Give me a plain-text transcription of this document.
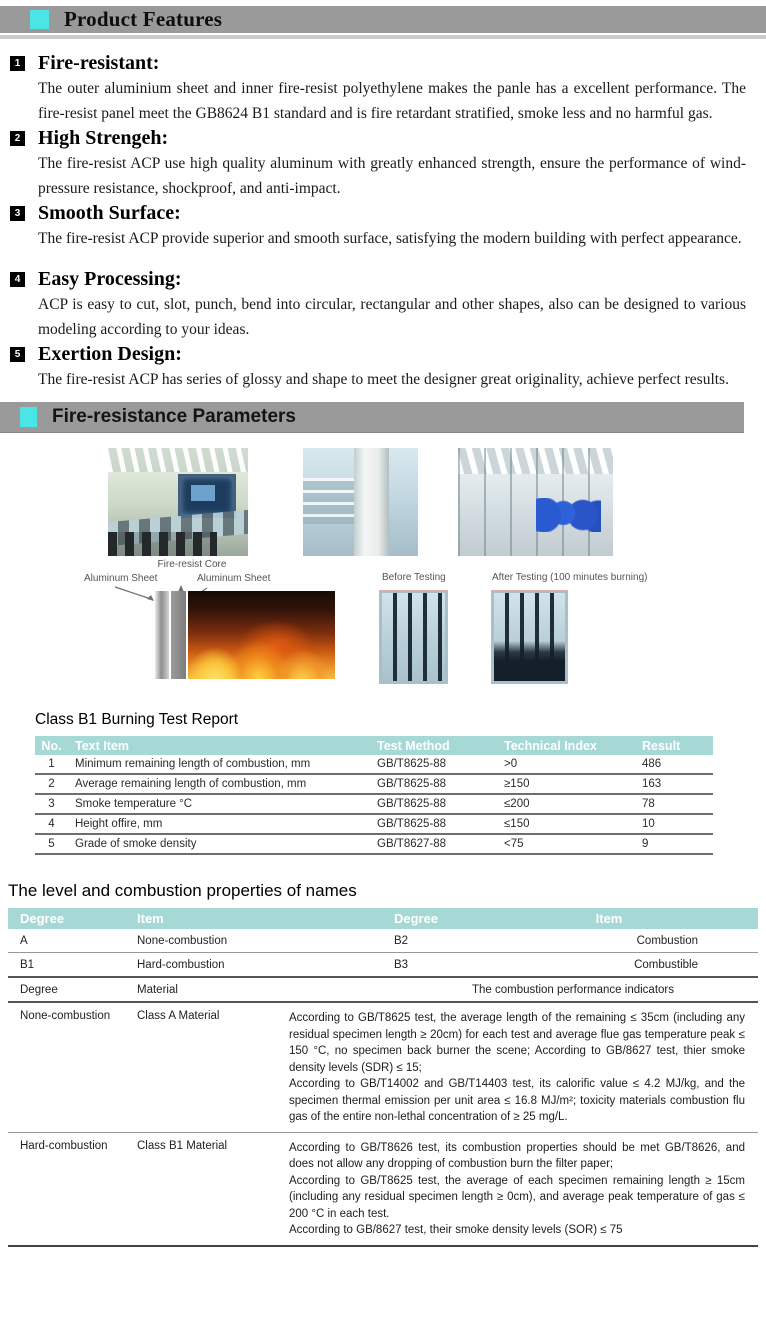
Product Features
1 Fire-resistant:
The outer aluminium sheet and inner fire-resist polyethylene makes the panle has a excellent performance. The fire-resist panel meet the GB8624 B1 standard and is fire retardant stratified, smoke less and no harmful gas.
2 High Strengeh:
The fire-resist ACP use high quality aluminum with greatly enhanced strength, ensure the performance of wind-pressure resistance, shockproof, and anti-impact.
3 Smooth Surface:
The fire-resist ACP provide superior and smooth surface, satisfying the modern building with perfect appearance.
4 Easy Processing:
ACP is easy to cut, slot, punch, bend into circular, rectangular and other shapes, also can be designed to various modeling according to your ideas.
5 Exertion Design:
The fire-resist ACP has series of glossy and shape to meet the designer great originality, achieve perfect results.
Fire-resistance Parameters
Fire-resist Core
Aluminum Sheet	Aluminum Sheet	Before Testing	After Testing (100 minutes burning)
Class B1 Burning Test Report
No.	Text Item	Test Method	Technical Index	Result
1	Minimum remaining length of combustion, mm	GB/T8625-88	>0	486
2	Average remaining length of combustion, mm	GB/T8625-88	≥150	163
3	Smoke temperature °C	GB/T8625-88	≤200	78
4	Height offire, mm	GB/T8625-88	≤150	10
5	Grade of smoke density	GB/T8627-88	<75	9
The level and combustion properties of names
Degree	Item	Degree	Item
A	None-combustion	B2	Combustion
B1	Hard-combustion	B3	Combustible
Degree	Material	The combustion performance indicators
None-combustion	Class A Material	According to GB/T8625 test, the average length of the remaining ≤ 35cm (including any residual specimen length ≥ 20cm) for each test and average flue gas temperature peak ≤ 150 °C, no specimen back burner the scene; According to GB/8627 test, thier smoke density levels (SDR) ≤ 15;

According to GB/T14002 and GB/T14403 test, its calorific value ≤ 4.2 MJ/kg, and the specimen thermal emission per unit area ≤ 16.8 MJ/m²; toxicity materials combustion flu gas of the entire non-lethal concentration of ≥ 25 mg/L.

Hard-combustion	Class B1 Material	According to GB/T8626 test, its combustion properties should be met GB/T8626, and does not allow any dropping of combustion burn the filter paper;

According to GB/T8625 test, the average of each specimen remaining length ≥ 15cm (including any residual specimen length ≥ 0cm), and average peak temperature of gas ≤ 200 °C in each test.

According to GB/8627 test, their smoke density levels (SOR) ≤ 75
